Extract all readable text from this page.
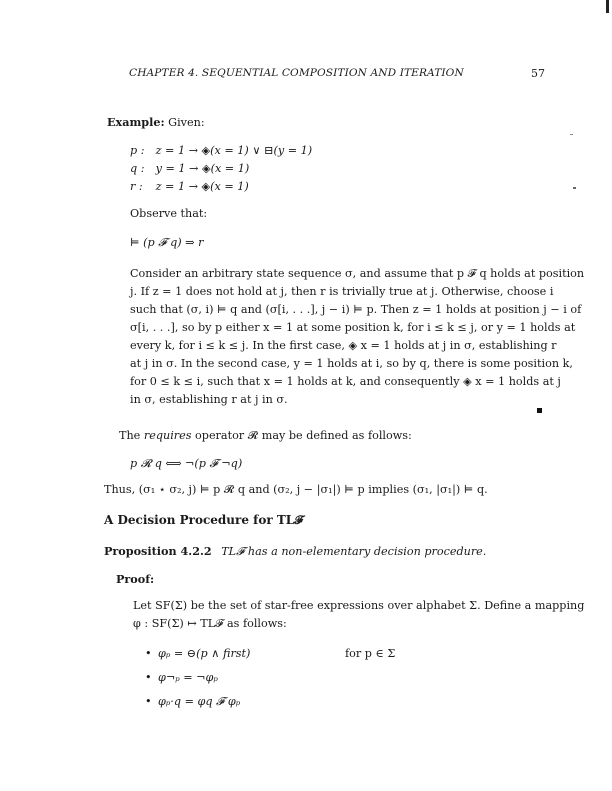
CHAPTER 4. SEQUENTIAL COMPOSITION AND ITERATION	57
Example: Given:
p : z = 1 → ◈(x = 1) ∨ ⊟(y = 1)
q : y = 1 → ◈(x = 1)
r : z = 1 → ◈(x = 1)
Observe that:
⊨ (p 𝓕 q) ⇒ r
Consider an arbitrary state sequence σ, and assume that p 𝓕 q holds at position
j. If z = 1 does not hold at j, then r is trivially true at j. Otherwise, choose i
such that (σ, i) ⊨ q and (σ[i, . . .], j − i) ⊨ p. Then z = 1 holds at position j − i of
σ[i, . . .], so by p either x = 1 at some position k, for i ≤ k ≤ j, or y = 1 holds at
every k, for i ≤ k ≤ j. In the first case, ◈ x = 1 holds at j in σ, establishing r
at j in σ. In the second case, y = 1 holds at i, so by q, there is some position k,
for 0 ≤ k ≤ i, such that x = 1 holds at k, and consequently ◈ x = 1 holds at j
in σ, establishing r at j in σ.
The requires operator 𝓡 may be defined as follows:
p 𝓡 q ⟺ ¬(p 𝓕 ¬q)
Thus, (σ₁ ⋆ σ₂, j) ⊨ p 𝓡 q and (σ₂, j − |σ₁|) ⊨ p implies (σ₁, |σ₁|) ⊨ q.
A Decision Procedure for TL𝓕
Proposition 4.2.2 TL𝓕 has a non-elementary decision procedure.
Proof:
Let SF(Σ) be the set of star-free expressions over alphabet Σ. Define a mapping
φ : SF(Σ) ↦ TL𝓕 as follows:
• φₚ = ⊖(p ∧ first)	for p ∈ Σ
• φ¬ₚ = ¬φₚ
• φₚ·q = φq 𝓕 φₚ
